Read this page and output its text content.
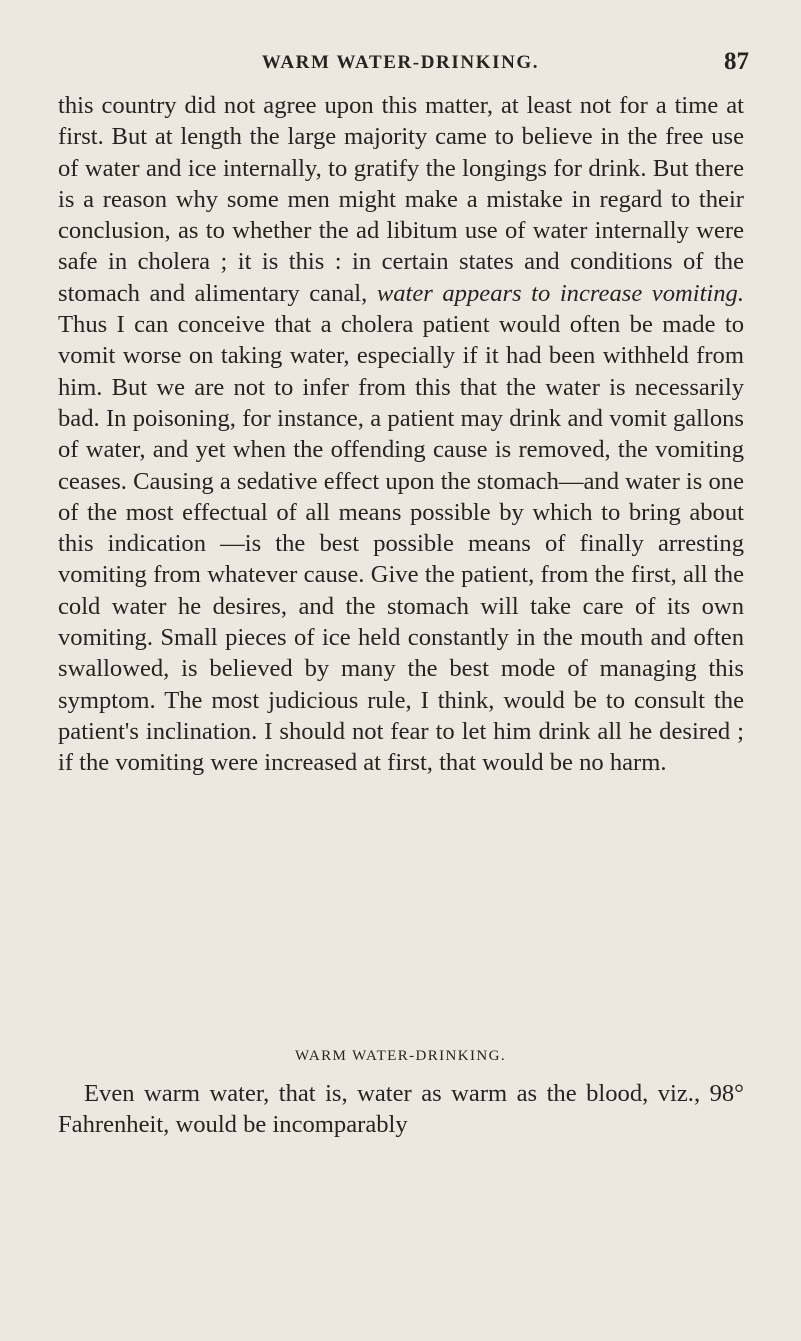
WARM WATER-DRINKING.	87

this country did not agree upon this matter, at least not for a time at first. But at length the large majority came to believe in the free use of water and ice internally, to gratify the longings for drink. But there is a reason why some men might make a mistake in regard to their conclusion, as to whether the ad libitum use of water internally were safe in cholera ; it is this : in certain states and conditions of the stomach and alimentary canal, water appears to increase vomiting. Thus I can conceive that a cholera patient would often be made to vomit worse on taking water, especially if it had been withheld from him. But we are not to infer from this that the water is necessarily bad. In poisoning, for instance, a patient may drink and vomit gallons of water, and yet when the offending cause is removed, the vomiting ceases. Causing a sedative effect upon the stomach—and water is one of the most effectual of all means possible by which to bring about this indication —is the best possible means of finally arresting vomiting from whatever cause. Give the patient, from the first, all the cold water he desires, and the stomach will take care of its own vomiting. Small pieces of ice held constantly in the mouth and often swallowed, is believed by many the best mode of managing this symptom. The most judicious rule, I think, would be to consult the patient's inclination. I should not fear to let him drink all he desired ; if the vomiting were increased at first, that would be no harm.

WARM WATER-DRINKING.

Even warm water, that is, water as warm as the blood, viz., 98° Fahrenheit, would be incomparably
